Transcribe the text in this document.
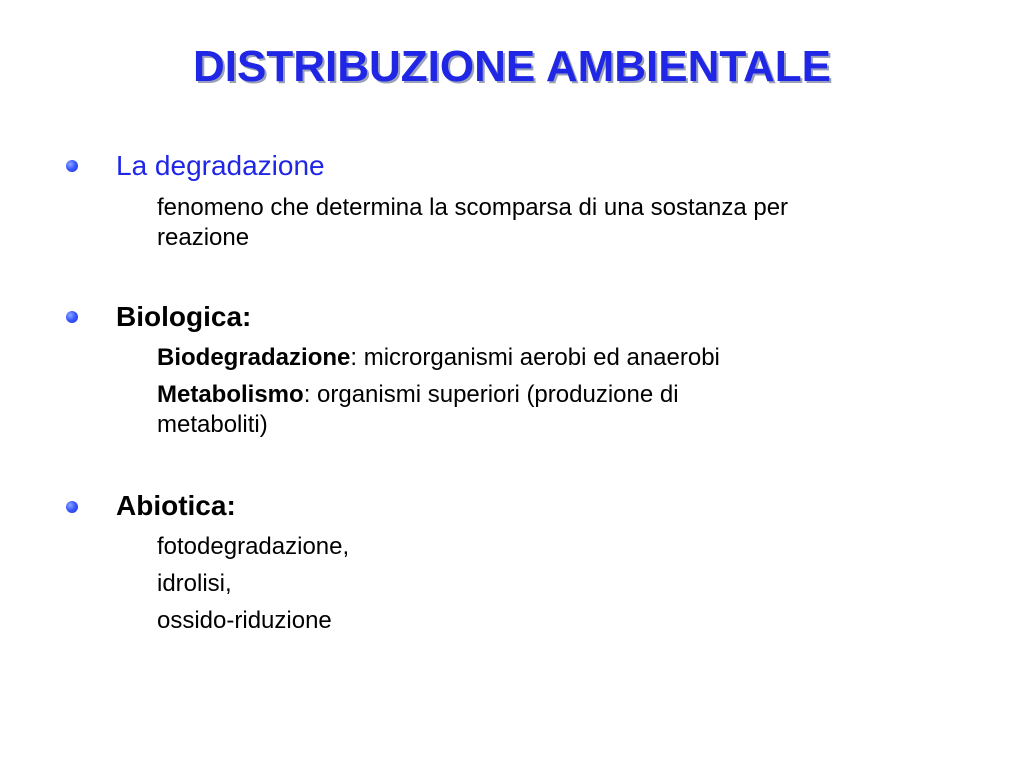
DISTRIBUZIONE AMBIENTALE
La degradazione
fenomeno che determina la scomparsa di una sostanza per
reazione
Biologica:
Biodegradazione: microrganismi aerobi ed anaerobi
Metabolismo: organismi superiori (produzione di
metaboliti)
Abiotica:
fotodegradazione,
idrolisi,
ossido-riduzione
